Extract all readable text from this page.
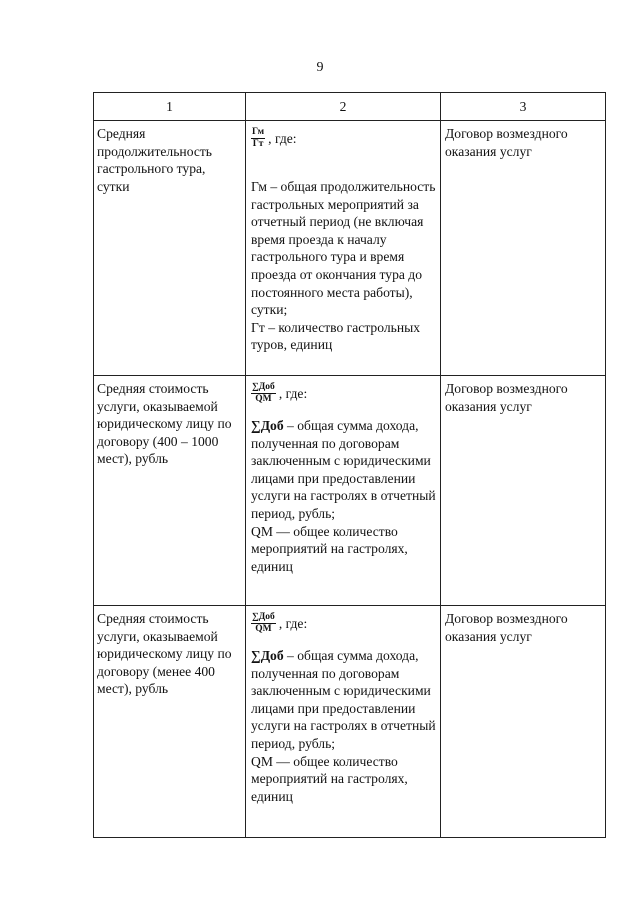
9
1	2	3

Средняя продолжительность гастрольного тура, сутки	$\frac{Гм}{Гт}$ , где:
Гм – общая продолжительность гастрольных мероприятий за отчетный период (не включая время проезда к началу гастрольного тура и время проезда от окончания тура до постоянного места работы), сутки;
Гт – количество гастрольных туров, единиц	Договор возмездного оказания услуг

Средняя стоимость услуги, оказываемой юридическому лицу по договору (400 – 1000 мест), рубль	$\frac{\text{∑Доб}}{QМ}$ , где:
∑Доб – общая сумма дохода, полученная по договорам заключенным с юридическими лицами при предоставлении услуги на гастролях в отчетный период, рубль;
QМ — общее количество мероприятий на гастролях, единиц	Договор возмездного оказания услуг

Средняя стоимость услуги, оказываемой юридическому лицу по договору (менее 400 мест), рубль	$\frac{\text{∑Доб}}{QМ}$ , где:
∑Доб – общая сумма дохода, полученная по договорам заключенным с юридическими лицами при предоставлении услуги на гастролях в отчетный период, рубль;
QМ — общее количество мероприятий на гастролях, единиц	Договор возмездного оказания услуг
